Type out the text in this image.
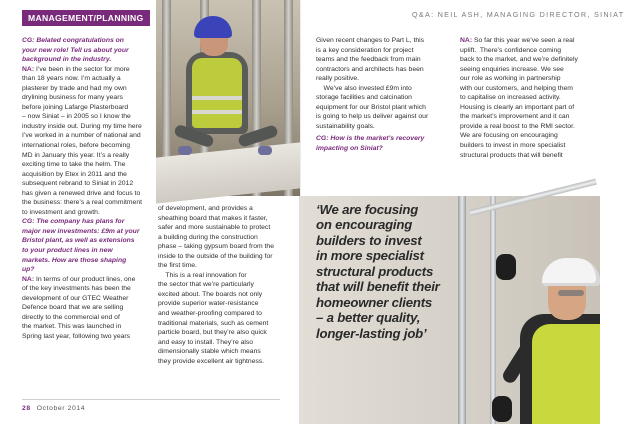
MANAGEMENT/PLANNING	Q&A: NEIL ASH, MANAGING DIRECTOR, SINIAT

CG: Belated congratulations on

your new role! Tell us about your

background in the industry.

NA: I’ve been in the sector for more

than 18 years now. I’m actually a

plasterer by trade and had my own

drylining business for many years

before joining Lafarge Plasterboard

– now Siniat – in 2005 so I know the

industry inside out. During my time here

I’ve worked in a number of national and

international roles, before becoming

MD in January this year. It’s a really

exciting time to take the helm. The

acquisition by Etex in 2011 and the

subsequent rebrand to Siniat in 2012

has given a renewed drive and focus to

the business: there’s a real commitment

to investment and growth.

CG: The company has plans for

major new investments: £9m at your

Bristol plant, as well as extensions

to your product lines in new

markets. How are those shaping

up?

NA: In terms of our product lines, one

of the key investments has been the

development of our GTEC Weather

Defence board that we are selling

directly to the commercial end of

the market. This was launched in

Spring last year, following two years

of development, and provides a

sheathing board that makes it faster,

safer and more sustainable to protect

a building during the construction

phase – taking gypsum board from the

inside to the outside of the building for

the first time.

This is a real innovation for

the sector that we’re particularly

excited about. The boards not only

provide superior water-resistance

and weather-proofing compared to

traditional materials, such as cement

particle board, but they’re also quick

and easy to install. They’re also

dimensionally stable which means

they provide excellent air tightness.

Given recent changes to Part L, this

is a key consideration for project

teams and the feedback from main

contractors and architects has been

really positive.

We’ve also invested £9m into

storage facilities and calcination

equipment for our Bristol plant which

is going to help us deliver against our

sustainability goals.

CG: How is the market’s recovery

impacting on Siniat?

NA: So far this year we’ve seen a real

uplift.  There’s confidence coming

back to the market, and we’re definitely

seeing enquiries increase. We see

our role as working in partnership

with our customers, and helping them

to capitalise on increased activity.

Housing is clearly an important part of

the market’s improvement and it can

provide a real boost to the RMI sector.

We are focusing on encouraging

builders to invest in more specialist

structural products that will benefit

‘We are focusing
on encouraging
builders to invest
in more specialist
structural products
that will benefit their
homeowner clients
– a better quality,
longer-lasting job’
28 October 2014
